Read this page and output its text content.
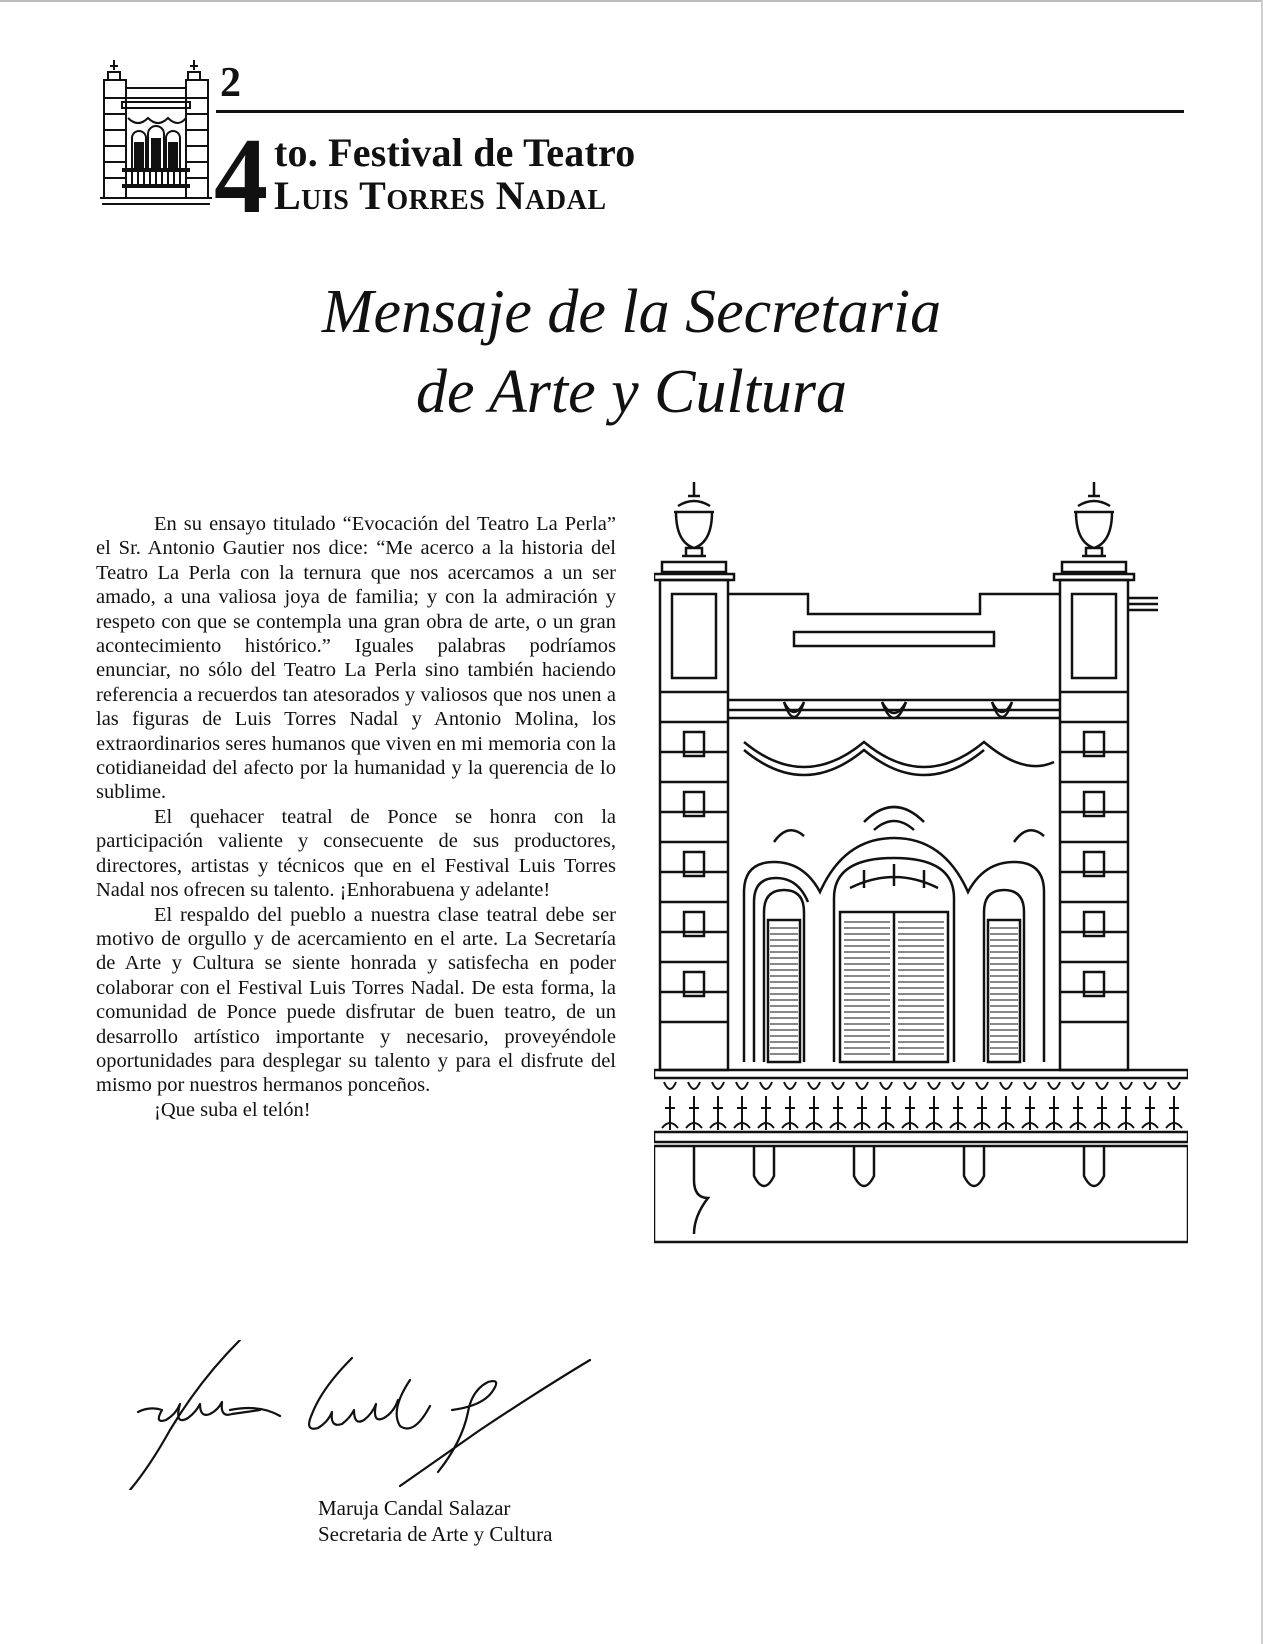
2
4 to. Festival de Teatro
Luis Torres Nadal
Mensaje de la Secretaria
de Arte y Cultura

En su ensayo titulado “Evocación del Teatro La Perla” el Sr. Antonio Gautier nos dice: “Me acerco a la historia del Teatro La Perla con la ternura que nos acercamos a un ser amado, a una valiosa joya de familia; y con la admiración y respeto con que se contempla una gran obra de arte, o un gran acontecimiento histórico.” Iguales palabras podríamos enunciar, no sólo del Teatro La Perla sino también haciendo referencia a recuerdos tan atesorados y valiosos que nos unen a las figuras de Luis Torres Nadal y Antonio Molina, los extraordinarios seres humanos que viven en mi memoria con la cotidianeidad del afecto por la humanidad y la querencia de lo sublime.

El quehacer teatral de Ponce se honra con la participación valiente y consecuente de sus productores, directores, artistas y técnicos que en el Festival Luis Torres Nadal nos ofrecen su talento. ¡Enhorabuena y adelante!

El respaldo del pueblo a nuestra clase teatral debe ser motivo de orgullo y de acercamiento en el arte. La Secretaría de Arte y Cultura se siente honrada y satisfecha en poder colaborar con el Festival Luis Torres Nadal. De esta forma, la comunidad de Ponce puede disfrutar de buen teatro, de un desarrollo artístico importante y necesario, proveyéndole oportunidades para desplegar su talento y para el disfrute del mismo por nuestros hermanos ponceños.

¡Que suba el telón!

Maruja Candal Salazar
Secretaria de Arte y Cultura
